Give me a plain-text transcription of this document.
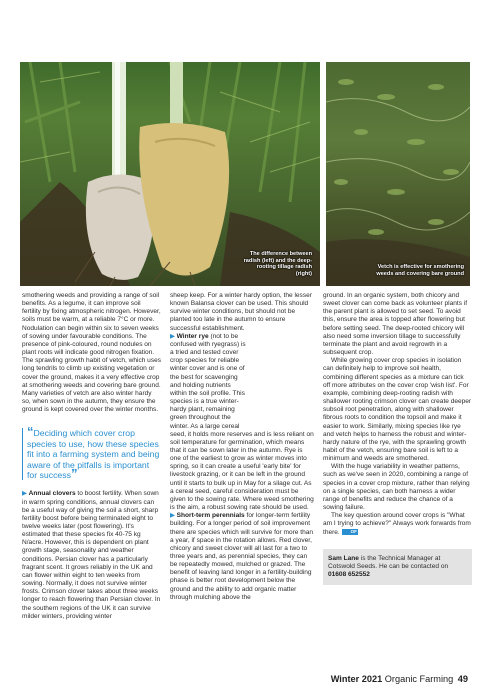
The difference between radish (left) and the deep-rooting tillage radish (right)
Vetch is effective for smothering weeds and covering bare ground

smothering weeds and providing a range of soil benefits. As a legume, it can improve soil fertility by fixing atmospheric nitrogen. However, soils must be warm, at a reliable 7°C or more. Nodulation can begin within six to seven weeks of sowing under favourable conditions. The presence of pink-coloured, round nodules on plant roots will indicate good nitrogen fixation. The sprawling growth habit of vetch, which uses long tendrils to climb up existing vegetation or cover the ground, makes it a very effective crop at smothering weeds and covering bare ground. Many varieties of vetch are also winter hardy so, when sown in the autumn, they ensure the ground is kept covered over the winter months.

“Deciding which cover crop species to use, how these species fit into a farming system and being aware of the pitfalls is important for success”

▶ Annual clovers to boost fertility. When sown in warm spring conditions, annual clovers can be a useful way of giving the soil a short, sharp fertility boost before being terminated eight to twelve weeks later (post flowering). It's estimated that these species fix 40-75 kg N/acre. However, this is dependent on plant growth stage, seasonality and weather conditions. Persian clover has a particularly fragrant scent. It grows reliably in the UK and can flower within eight to ten weeks from sowing. Normally, it does not survive winter frosts. Crimson clover takes about three weeks longer to reach flowering than Persian clover. In the southern regions of the UK it can survive milder winters, providing winter

sheep keep. For a winter hardy option, the lesser known Balansa clover can be used. This should survive winter conditions, but should not be planted too late in the autumn to ensure successful establishment.

▶ Winter rye (not to be confused with ryegrass) is a tried and tested cover crop species for reliable winter cover and is one of the best for scavenging and holding nutrients within the soil profile. This species is a true winter-hardy plant, remaining green throughout the winter. As a large cereal seed, it holds more reserves and is less reliant on soil temperature for germination, which means that it can be sown later in the autumn. Rye is one of the earliest to grow as winter moves into spring, so it can create a useful 'early bite' for livestock grazing, or it can be left in the ground until it starts to bulk up in May for a silage cut. As a cereal seed, careful consideration must be given to the sowing rate. Where weed smothering is the aim, a robust sowing rate should be used.

▶ Short-term perennials for longer-term fertility building. For a longer period of soil improvement there are species which will survive for more than a year, if space in the rotation allows. Red clover, chicory and sweet clover will all last for a two to three years and, as perennial species, they can be repeatedly mowed, mulched or grazed. The benefit of leaving land longer in a fertility-building phase is better root development below the ground and the ability to add organic matter through mulching above the

ground. In an organic system, both chicory and sweet clover can come back as volunteer plants if the parent plant is allowed to set seed. To avoid this, ensure the area is topped after flowering but before setting seed. The deep-rooted chicory will also need some inversion tillage to successfully terminate the plant and avoid regrowth in a subsequent crop.

While growing cover crop species in isolation can definitely help to improve soil health, combining different species as a mixture can tick off more attributes on the cover crop 'wish list'. For example, combining deep-rooting radish with shallower rooting crimson clover can create deeper subsoil root penetration, along with shallower fibrous roots to condition the topsoil and make it easier to work. Similarly, mixing species like rye and vetch helps to harness the robust and winter-hardy nature of the rye, with the sprawling growth habit of the vetch, ensuring bare soil is left to a minimum and weeds are smothered.

With the huge variability in weather patterns, such as we've seen in 2020, combining a range of species in a cover crop mixture, rather than relying on a single species, can both harness a wider range of benefits and reduce the chance of a sowing failure.

The key question around cover crops is "What am I trying to achieve?" Always work forwards from there. OF

Sam Lane is the Technical Manager at Cotswold Seeds. He can be contacted on 01608 652552
Winter 2021 Organic Farming 49
